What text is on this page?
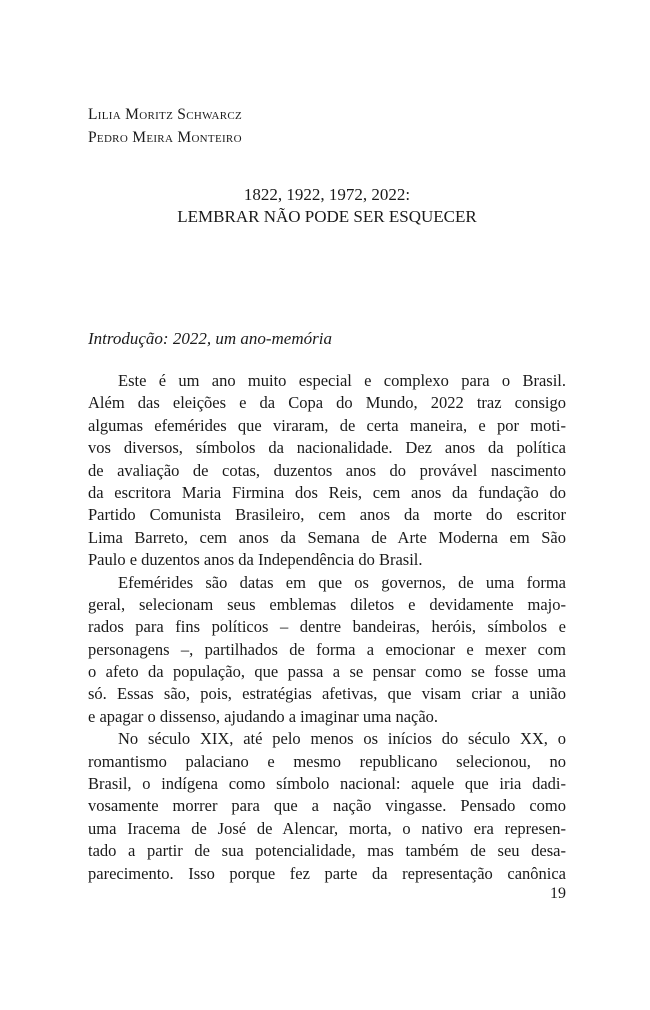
Lilia Moritz Schwarcz
Pedro Meira Monteiro
1822, 1922, 1972, 2022:
LEMBRAR NÃO PODE SER ESQUECER
Introdução: 2022, um ano-memória
Este é um ano muito especial e complexo para o Brasil.
Além das eleições e da Copa do Mundo, 2022 traz consigo
algumas efemérides que viraram, de certa maneira, e por moti-
vos diversos, símbolos da nacionalidade. Dez anos da política
de avaliação de cotas, duzentos anos do provável nascimento
da escritora Maria Firmina dos Reis, cem anos da fundação do
Partido Comunista Brasileiro, cem anos da morte do escritor
Lima Barreto, cem anos da Semana de Arte Moderna em São
Paulo e duzentos anos da Independência do Brasil.
Efemérides são datas em que os governos, de uma forma
geral, selecionam seus emblemas diletos e devidamente majo-
rados para fins políticos – dentre bandeiras, heróis, símbolos e
personagens –, partilhados de forma a emocionar e mexer com
o afeto da população, que passa a se pensar como se fosse uma
só. Essas são, pois, estratégias afetivas, que visam criar a união
e apagar o dissenso, ajudando a imaginar uma nação.
No século XIX, até pelo menos os inícios do século XX, o
romantismo palaciano e mesmo republicano selecionou, no
Brasil, o indígena como símbolo nacional: aquele que iria dadi-
vosamente morrer para que a nação vingasse. Pensado como
uma Iracema de José de Alencar, morta, o nativo era represen-
tado a partir de sua potencialidade, mas também de seu desa-
parecimento. Isso porque fez parte da representação canônica
19
